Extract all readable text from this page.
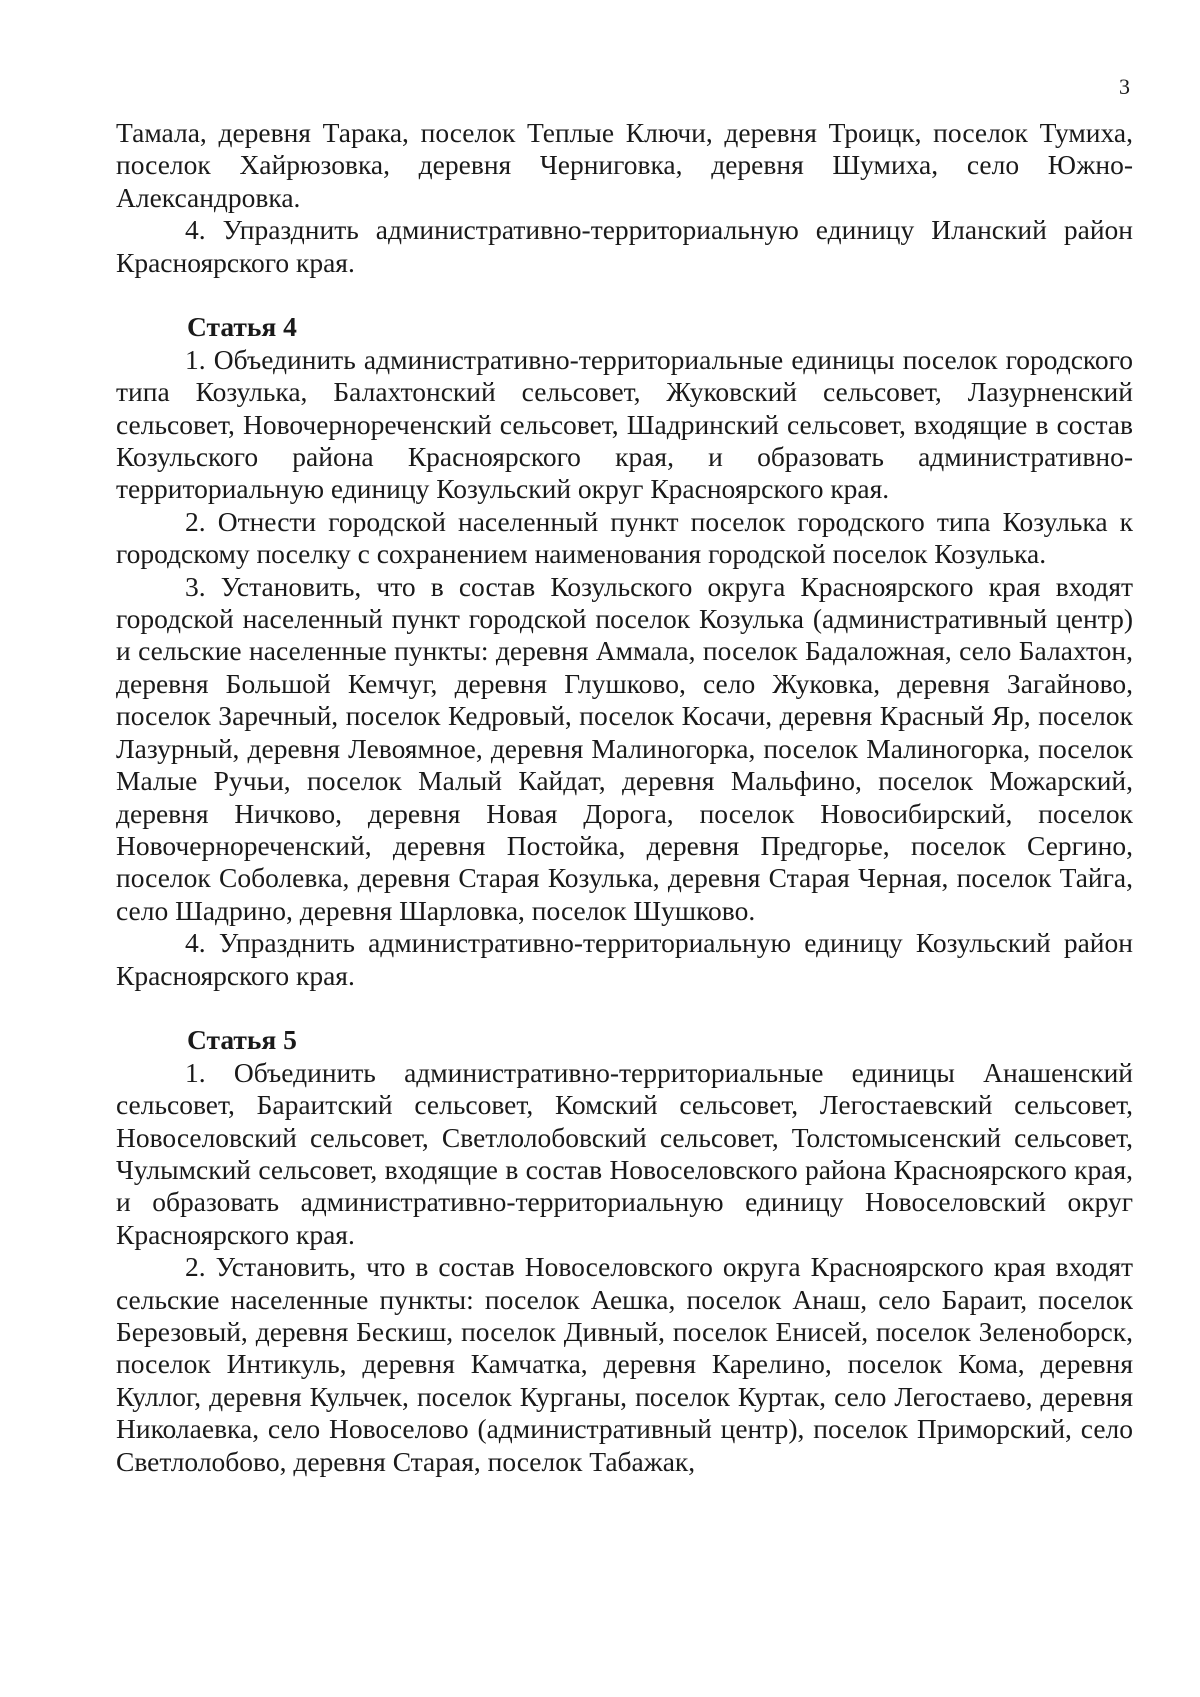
3

Тамала, деревня Тарака, поселок Теплые Ключи, деревня Троицк, поселок Тумиха, поселок Хайрюзовка, деревня Черниговка, деревня Шумиха, село Южно-Александровка.

4. Упразднить административно-территориальную единицу Иланский район Красноярского края.

Статья 4

1. Объединить административно-территориальные единицы поселок городского типа Козулька, Балахтонский сельсовет, Жуковский сельсовет, Лазурненский сельсовет, Новочернореченский сельсовет, Шадринский сельсовет, входящие в состав Козульского района Красноярского края, и образовать административно-территориальную единицу Козульский округ Красноярского края.

2. Отнести городской населенный пункт поселок городского типа Козулька к городскому поселку с сохранением наименования городской поселок Козулька.

3. Установить, что в состав Козульского округа Красноярского края входят городской населенный пункт городской поселок Козулька (административный центр) и сельские населенные пункты: деревня Аммала, поселок Бадаложная, село Балахтон, деревня Большой Кемчуг, деревня Глушково, село Жуковка, деревня Загайново, поселок Заречный, поселок Кедровый, поселок Косачи, деревня Красный Яр, поселок Лазурный, деревня Левоямное, деревня Малиногорка, поселок Малиногорка, поселок Малые Ручьи, поселок Малый Кайдат, деревня Мальфино, поселок Можарский, деревня Ничково, деревня Новая Дорога, поселок Новосибирский, поселок Новочернореченский, деревня Постойка, деревня Предгорье, поселок Сергино, поселок Соболевка, деревня Старая Козулька, деревня Старая Черная, поселок Тайга, село Шадрино, деревня Шарловка, поселок Шушково.

4. Упразднить административно-территориальную единицу Козульский район Красноярского края.

Статья 5

1. Объединить административно-территориальные единицы Анашенский сельсовет, Бараитский сельсовет, Комский сельсовет, Легостаевский сельсовет, Новоселовский сельсовет, Светлолобовский сельсовет, Толстомысенский сельсовет, Чулымский сельсовет, входящие в состав Новоселовского района Красноярского края, и образовать административно-территориальную единицу Новоселовский округ Красноярского края.

2. Установить, что в состав Новоселовского округа Красноярского края входят сельские населенные пункты: поселок Аешка, поселок Анаш, село Бараит, поселок Березовый, деревня Бескиш, поселок Дивный, поселок Енисей, поселок Зеленоборск, поселок Интикуль, деревня Камчатка, деревня Карелино, поселок Кома, деревня Куллог, деревня Кульчек, поселок Курганы, поселок Куртак, село Легостаево, деревня Николаевка, село Новоселово (административный центр), поселок Приморский, село Светлолобово, деревня Старая, поселок Табажак,
